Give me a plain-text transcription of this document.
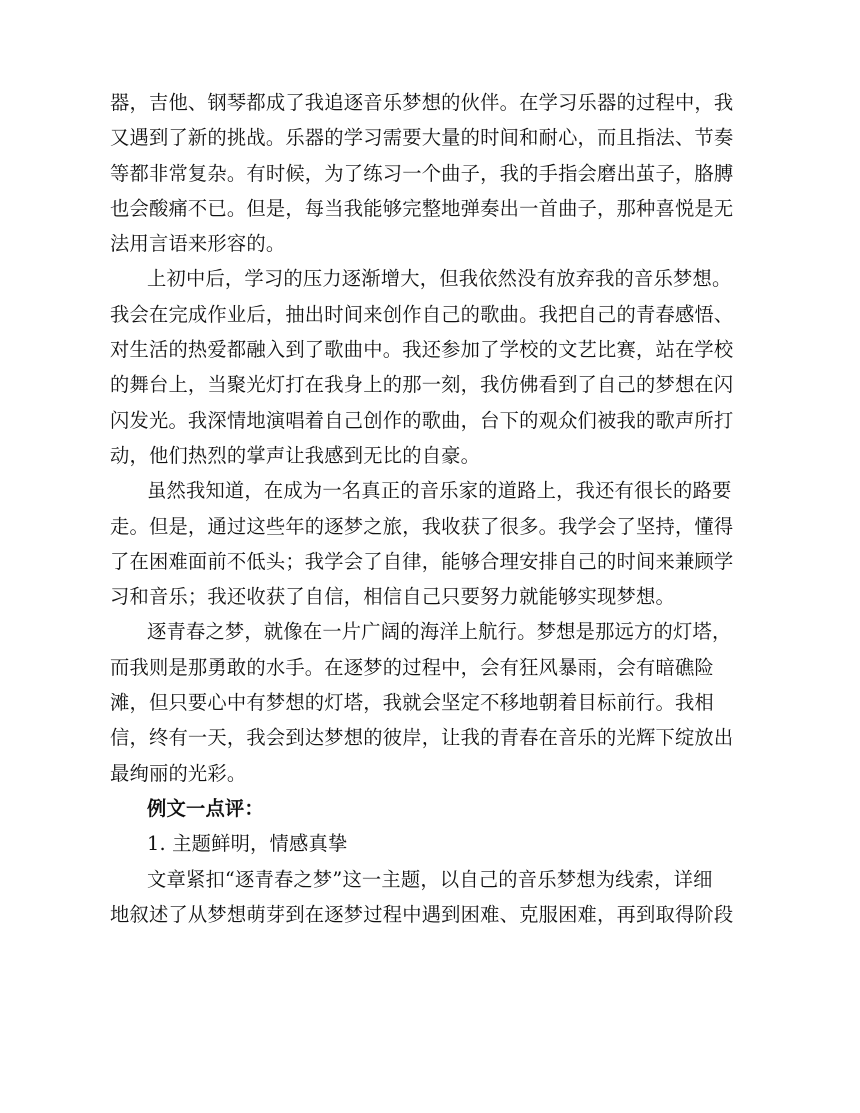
器，吉他、钢琴都成了我追逐音乐梦想的伙伴。在学习乐器的过程中，我
又遇到了新的挑战。乐器的学习需要大量的时间和耐心，而且指法、节奏
等都非常复杂。有时候，为了练习一个曲子，我的手指会磨出茧子，胳膊
也会酸痛不已。但是，每当我能够完整地弹奏出一首曲子，那种喜悦是无
法用言语来形容的。
上初中后，学习的压力逐渐增大，但我依然没有放弃我的音乐梦想。
我会在完成作业后，抽出时间来创作自己的歌曲。我把自己的青春感悟、
对生活的热爱都融入到了歌曲中。我还参加了学校的文艺比赛，站在学校
的舞台上，当聚光灯打在我身上的那一刻，我仿佛看到了自己的梦想在闪
闪发光。我深情地演唱着自己创作的歌曲，台下的观众们被我的歌声所打
动，他们热烈的掌声让我感到无比的自豪。
虽然我知道，在成为一名真正的音乐家的道路上，我还有很长的路要
走。但是，通过这些年的逐梦之旅，我收获了很多。我学会了坚持，懂得
了在困难面前不低头；我学会了自律，能够合理安排自己的时间来兼顾学
习和音乐；我还收获了自信，相信自己只要努力就能够实现梦想。
逐青春之梦，就像在一片广阔的海洋上航行。梦想是那远方的灯塔，
而我则是那勇敢的水手。在逐梦的过程中，会有狂风暴雨，会有暗礁险
滩，但只要心中有梦想的灯塔，我就会坚定不移地朝着目标前行。我相
信，终有一天，我会到达梦想的彼岸，让我的青春在音乐的光辉下绽放出
最绚丽的光彩。
例文一点评：
1. 主题鲜明，情感真挚
文章紧扣“逐青春之梦”这一主题，以自己的音乐梦想为线索，详细
地叙述了从梦想萌芽到在逐梦过程中遇到困难、克服困难，再到取得阶段
